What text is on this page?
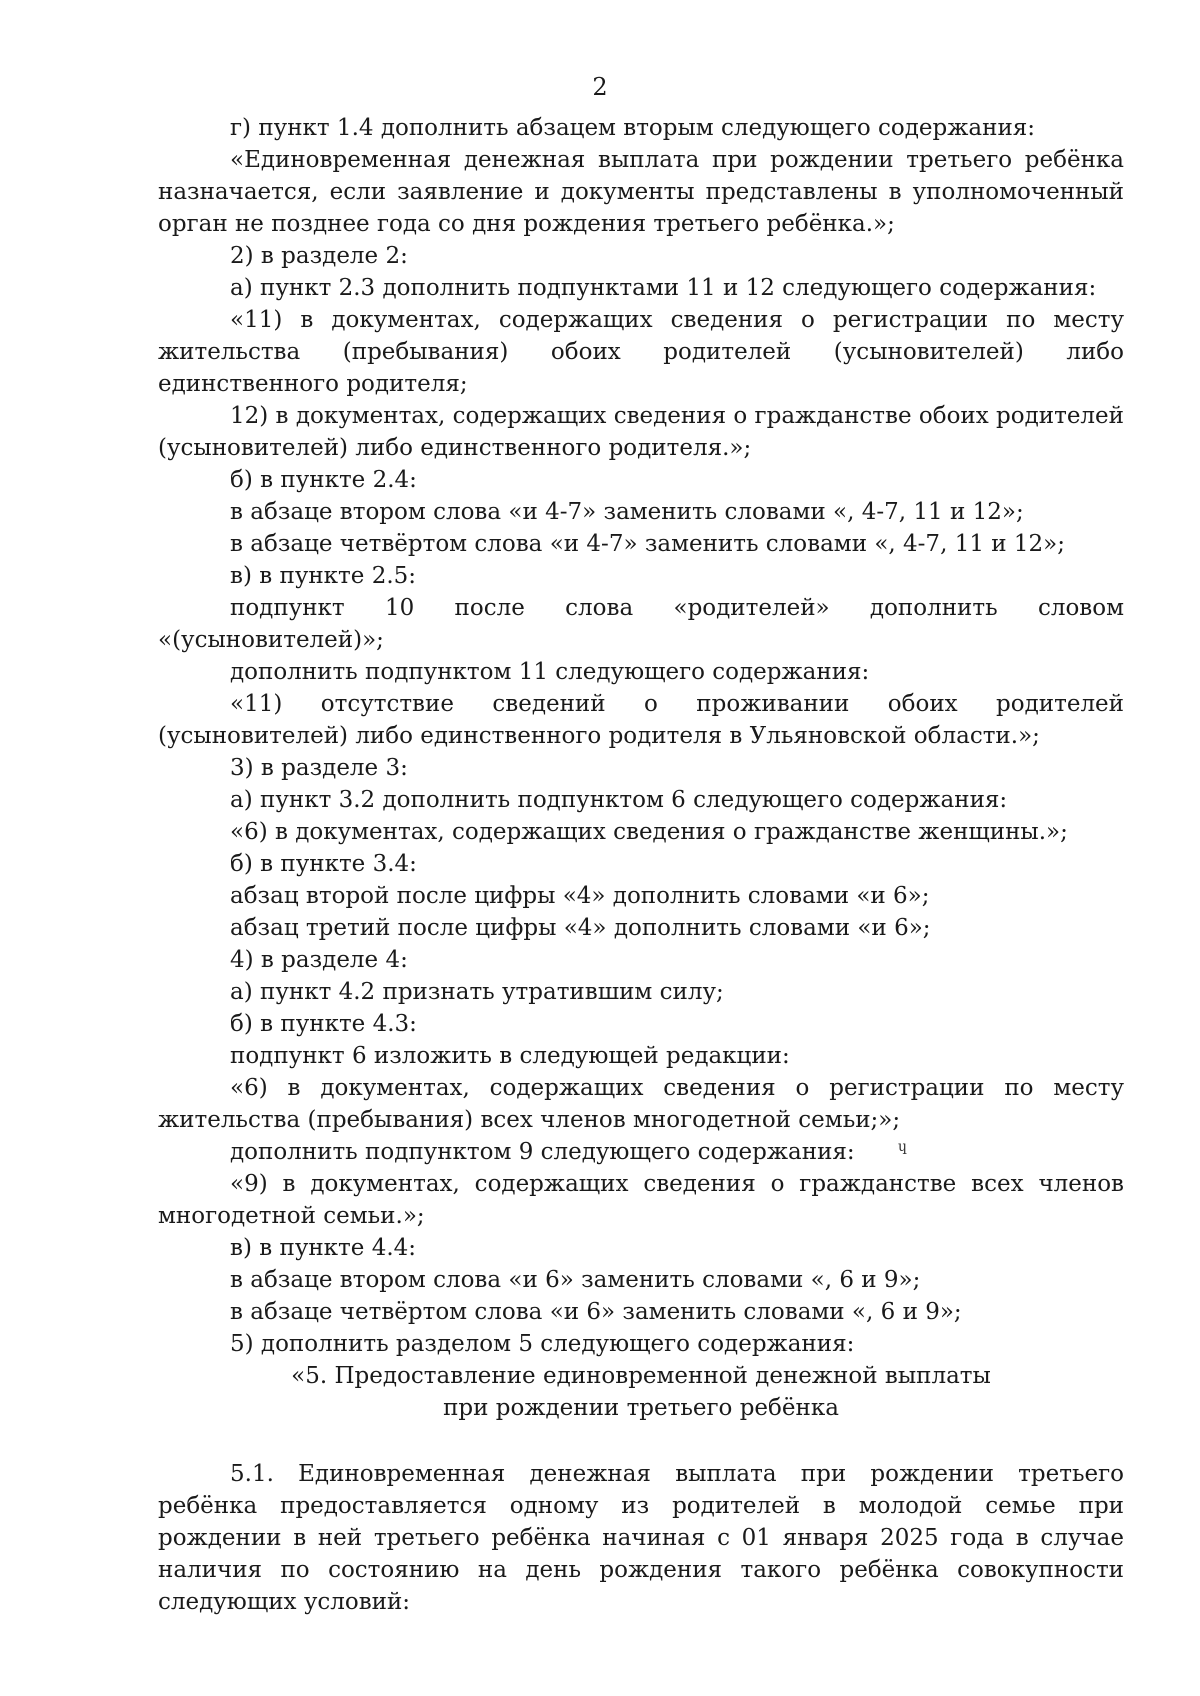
2

г) пункт 1.4 дополнить абзацем вторым следующего содержания:

«Единовременная денежная выплата при рождении третьего ребёнка назначается, если заявление и документы представлены в уполномоченный орган не позднее года со дня рождения третьего ребёнка.»;

2) в разделе 2:

а) пункт 2.3 дополнить подпунктами 11 и 12 следующего содержания:

«11) в документах, содержащих сведения о регистрации по месту жительства (пребывания) обоих родителей (усыновителей) либо единственного родителя;

12) в документах, содержащих сведения о гражданстве обоих родителей (усыновителей) либо единственного родителя.»;

б) в пункте 2.4:

в абзаце втором слова «и 4-7» заменить словами «, 4-7, 11 и 12»;

в абзаце четвёртом слова «и 4-7» заменить словами «, 4-7, 11 и 12»;

в) в пункте 2.5:

подпункт 10 после слова «родителей» дополнить словом «(усыновителей)»;

дополнить подпунктом 11 следующего содержания:

«11) отсутствие сведений о проживании обоих родителей (усыновителей) либо единственного родителя в Ульяновской области.»;

3) в разделе 3:

а) пункт 3.2 дополнить подпунктом 6 следующего содержания:

«6) в документах, содержащих сведения о гражданстве женщины.»;

б) в пункте 3.4:

абзац второй после цифры «4» дополнить словами «и 6»;

абзац третий после цифры «4» дополнить словами «и 6»;

4) в разделе 4:

а) пункт 4.2 признать утратившим силу;

б) в пункте 4.3:

подпункт 6 изложить в следующей редакции:

«6) в документах, содержащих сведения о регистрации по месту жительства (пребывания) всех членов многодетной семьи;»;

дополнить подпунктом 9 следующего содержания:

«9) в документах, содержащих сведения о гражданстве всех членов многодетной семьи.»;

в) в пункте 4.4:

в абзаце втором слова «и 6» заменить словами «, 6 и 9»;

в абзаце четвёртом слова «и 6» заменить словами «, 6 и 9»;

5) дополнить разделом 5 следующего содержания:

«5. Предоставление единовременной денежной выплаты

при рождении третьего ребёнка

5.1. Единовременная денежная выплата при рождении третьего ребёнка предоставляется одному из родителей в молодой семье при рождении в ней третьего ребёнка начиная с 01 января 2025 года в случае наличия по состоянию на день рождения такого ребёнка совокупности следующих условий:

ɥ
